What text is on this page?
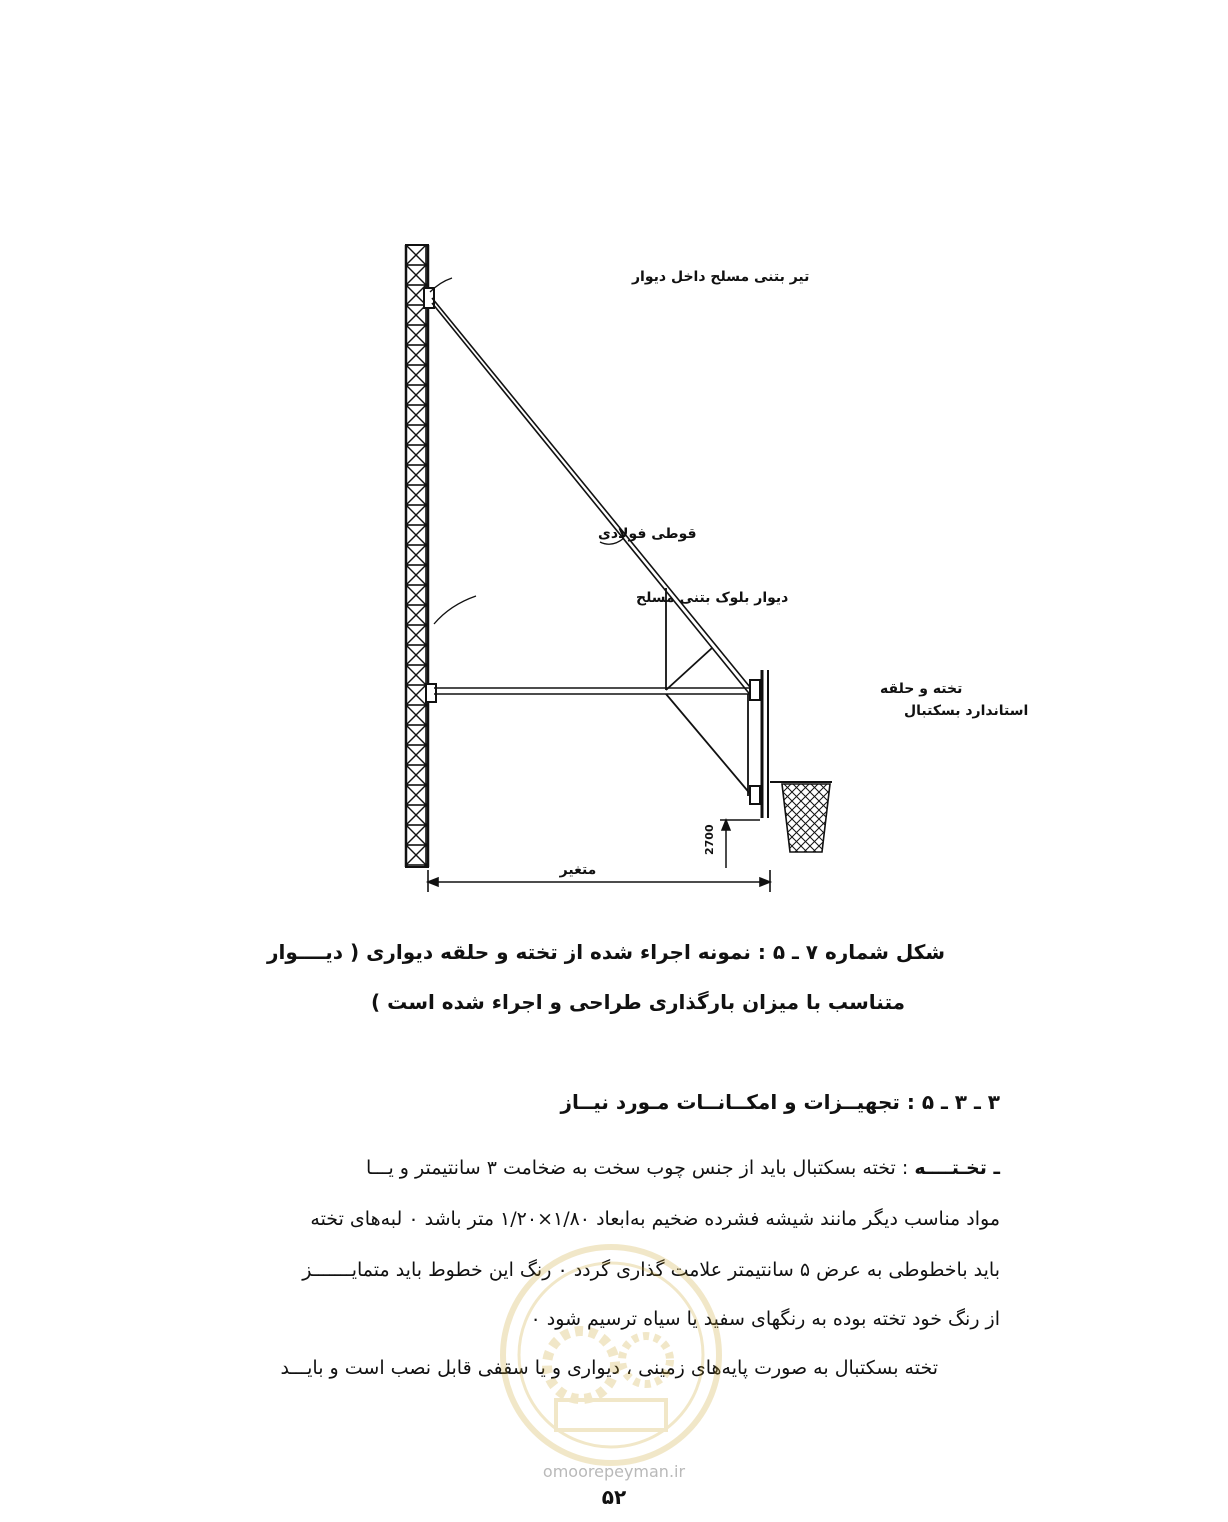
2700
متغیر
تیر بتنی مسلح داخل دیوار
قوطی فولادی
دیوار بلوک بتنی مسلح
تخته و حلقه
استاندارد بسکتبال
شکل شماره ۷ ـ ۵ : نمونه اجراء شده از تخته و حلقه دیواری ( دیــــوار
متناسب با میزان بارگذاری طراحی و اجراء شده است )
۳ ـ ۳ ـ ۵ : تجهیــزات و امکــانــات مـورد نیــاز
ـ تخـتــــه : تخته بسکتبال باید از جنس چوب سخت به ضخامت ۳ سانتیمتر و یـــا
مواد مناسب دیگر مانند شیشه فشرده ضخیم به‌ابعاد ۱/۸۰×۱/۲۰ متر باشد ۰ لبه‌های تخته
باید باخطوطی به عرض ۵ سانتیمتر علامت گذاری گردد ۰ رنگ این خطوط باید متمایـــــــز
از رنگ خود تخته بوده به رنگهای سفید یا سیاه ترسیم شود ۰
تخته بسکتبال به صورت پایه‌های زمینی ، دیواری و یا سقفی قابل نصب است و بایـــد
omoorepeyman.ir
۵۲
